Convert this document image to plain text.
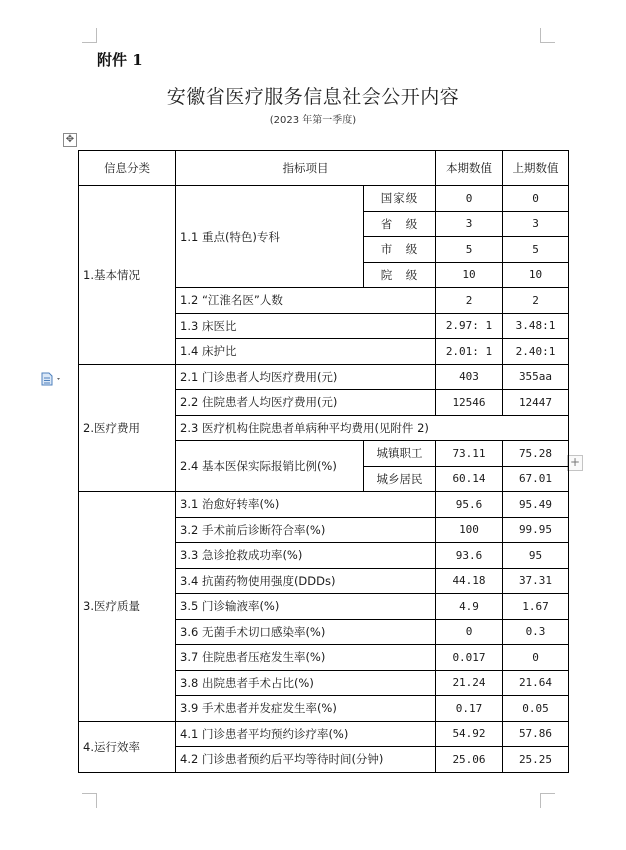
附件 1
安徽省医疗服务信息社会公开内容
(2023 年第一季度)
✥
+
信息分类	指标项目		本期数值	上期数值
1.基本情况	1.1 重点(特色)专科	国家级	0	0
		省　级	3	3
		市　级	5	5
		院　级	10	10
	1.2 “江淮名医”人数		2	2
	1.3 床医比		2.97: 1	3.48:1
	1.4 床护比		2.01: 1	2.40:1
2.医疗费用	2.1 门诊患者人均医疗费用(元)		403	355aa
	2.2 住院患者人均医疗费用(元)		12546	12447
	2.3 医疗机构住院患者单病种平均费用(见附件 2)			
	2.4 基本医保实际报销比例(%)	城镇职工	73.11	75.28
		城乡居民	60.14	67.01
3.医疗质量	3.1 治愈好转率(%)		95.6	95.49
	3.2 手术前后诊断符合率(%)		100	99.95
	3.3 急诊抢救成功率(%)		93.6	95
	3.4 抗菌药物使用强度(DDDs)		44.18	37.31
	3.5 门诊输液率(%)		4.9	1.67
	3.6 无菌手术切口感染率(%)		0	0.3
	3.7 住院患者压疮发生率(%)		0.017	0
	3.8 出院患者手术占比(%)		21.24	21.64
	3.9 手术患者并发症发生率(%)		0.17	0.05
4.运行效率	4.1 门诊患者平均预约诊疗率(%)		54.92	57.86
	4.2 门诊患者预约后平均等待时间(分钟)		25.06	25.25
